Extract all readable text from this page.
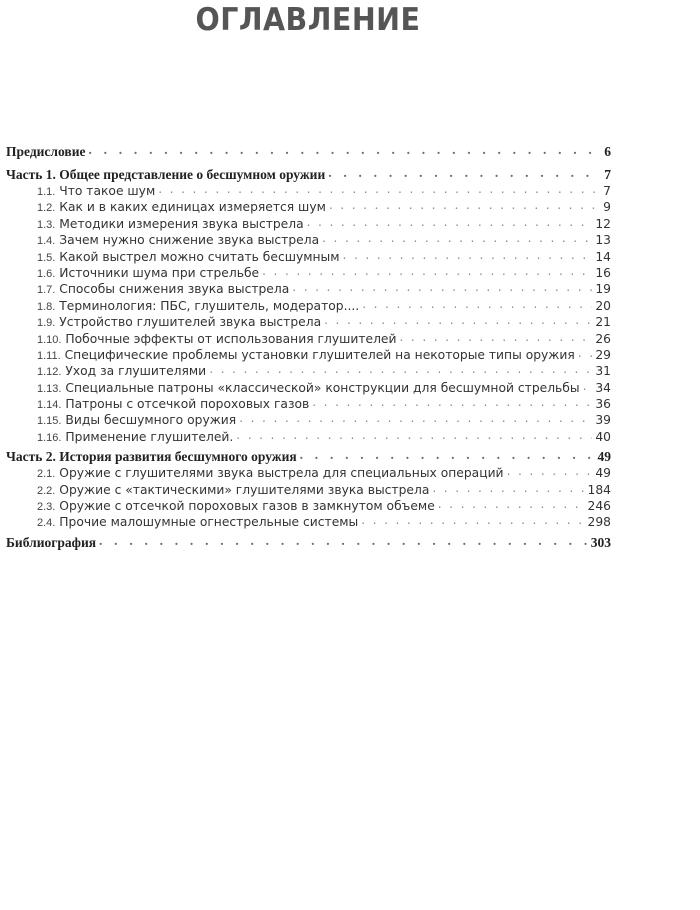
ОГЛАВЛЕНИЕ
Предисловие . . .	6
Часть 1. Общее представление о бесшумном оружии . . .	7
1.1. Что такое шум . . .	7
1.2. Как и в каких единицах измеряется шум . . .	9
1.3. Методики измерения звука выстрела . . .	12
1.4. Зачем нужно снижение звука выстрела . . .	13
1.5. Какой выстрел можно считать бесшумным . . .	14
1.6. Источники шума при стрельбе . . .	16
1.7. Способы снижения звука выстрела . . .	19
1.8. Терминология: ПБС, глушитель, модератор.... . . .	20
1.9. Устройство глушителей звука выстрела . . .	21
1.10. Побочные эффекты от использования глушителей . . .	26
1.11. Специфические проблемы установки глушителей на некоторые типы оружия . . . 29
1.12. Уход за глушителями . . .	31
1.13. Специальные патроны «классической» конструкции для бесшумной стрельбы . . . 34
1.14. Патроны с отсечкой пороховых газов . . .	36
1.15. Виды бесшумного оружия . . .	39
1.16. Применение глушителей. . . .	40
Часть 2. История развития бесшумного оружия . . .	49
2.1. Оружие с глушителями звука выстрела для специальных операций . . .	49
2.2. Оружие с «тактическими» глушителями звука выстрела . . .	184
2.3. Оружие с отсечкой пороховых газов в замкнутом объеме . . .	246
2.4. Прочие малошумные огнестрельные системы . . .	298
Библиография . . .	303
